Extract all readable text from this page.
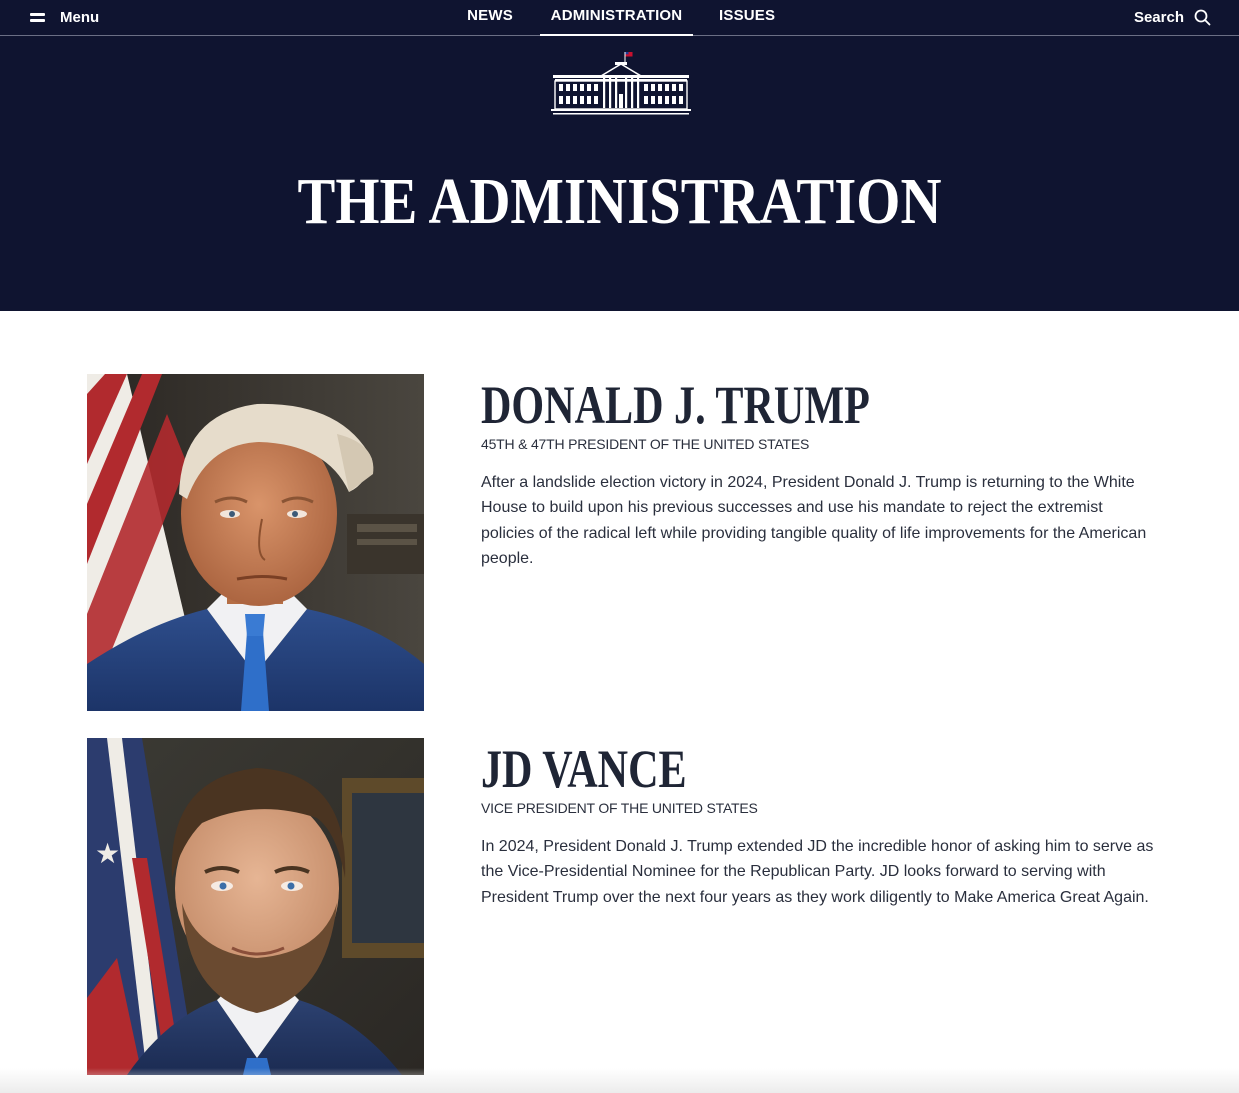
Menu	NEWS	ADMINISTRATION	ISSUES	Search
THE ADMINISTRATION
DONALD J. TRUMP
45TH & 47TH PRESIDENT OF THE UNITED STATES

After a landslide election victory in 2024, President Donald J. Trump is returning to the White House to build upon his previous successes and use his mandate to reject the extremist policies of the radical left while providing tangible quality of life improvements for the American people.

★
JD VANCE
VICE PRESIDENT OF THE UNITED STATES

In 2024, President Donald J. Trump extended JD the incredible honor of asking him to serve as the Vice-Presidential Nominee for the Republican Party. JD looks forward to serving with President Trump over the next four years as they work diligently to Make America Great Again.
